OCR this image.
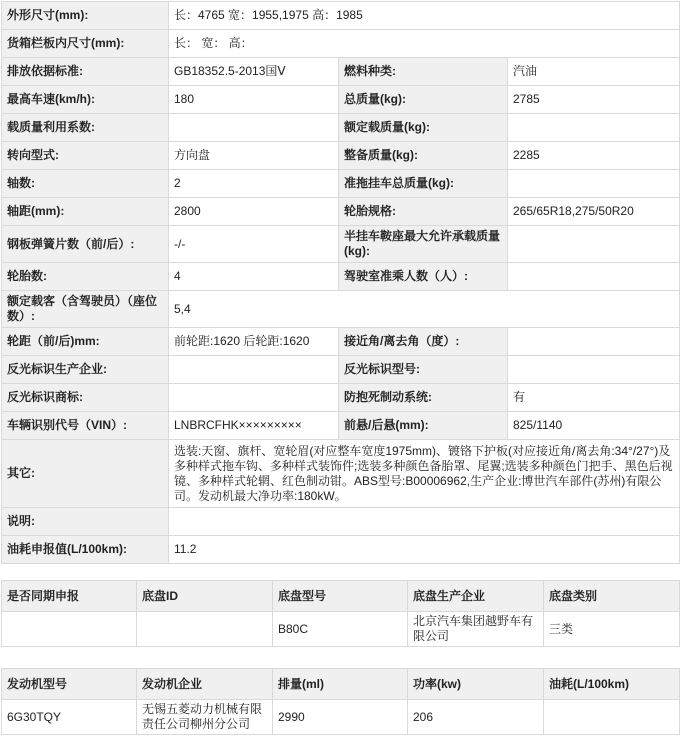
外形尺寸(mm):	长：4765 宽：1955,1975 高：1985		
货箱栏板内尺寸(mm):	长： 宽： 高：		
排放依据标准:	GB18352.5-2013国Ⅴ	燃料种类:	汽油
最高车速(km/h):	180	总质量(kg):	2785
载质量利用系数:		额定载质量(kg):	
转向型式:	方向盘	整备质量(kg):	2285
轴数:	2	准拖挂车总质量(kg):	
轴距(mm):	2800	轮胎规格:	265/65R18,275/50R20
钢板弹簧片数（前/后）:	-/-	半挂车鞍座最大允许承载质量(kg):	
轮胎数:	4	驾驶室准乘人数（人）:	
额定载客（含驾驶员）（座位数）:	5,4		
轮距（前/后)mm:	前轮距:1620 后轮距:1620	接近角/离去角（度）:	
反光标识生产企业:		反光标识型号:	
反光标识商标:		防抱死制动系统:	有
车辆识别代号（VIN）:	LNBRCFHK×××××××××	前悬/后悬(mm):	825/1140
其它:	选装:天窗、旗杆、宽轮眉(对应整车宽度1975mm)、镀铬下护板(对应接近角/离去角:34°/27°)及多种样式拖车钩、多种样式装饰件;选装多种颜色备胎罩、尾翼;选装多种颜色门把手、黑色后视镜、多种样式轮辋、红色制动钳。ABS型号:B00006962,生产企业:博世汽车部件(苏州)有限公司。发动机最大净功率:180kW。		
说明:			
油耗申报值(L/100km):	11.2		
是否同期申报	底盘ID	底盘型号	底盘生产企业	底盘类别
		B80C	北京汽车集团越野车有限公司	三类
发动机型号	发动机企业	排量(ml)	功率(kw)	油耗(L/100km)
6G30TQY	无锡五菱动力机械有限责任公司柳州分公司	2990	206	
